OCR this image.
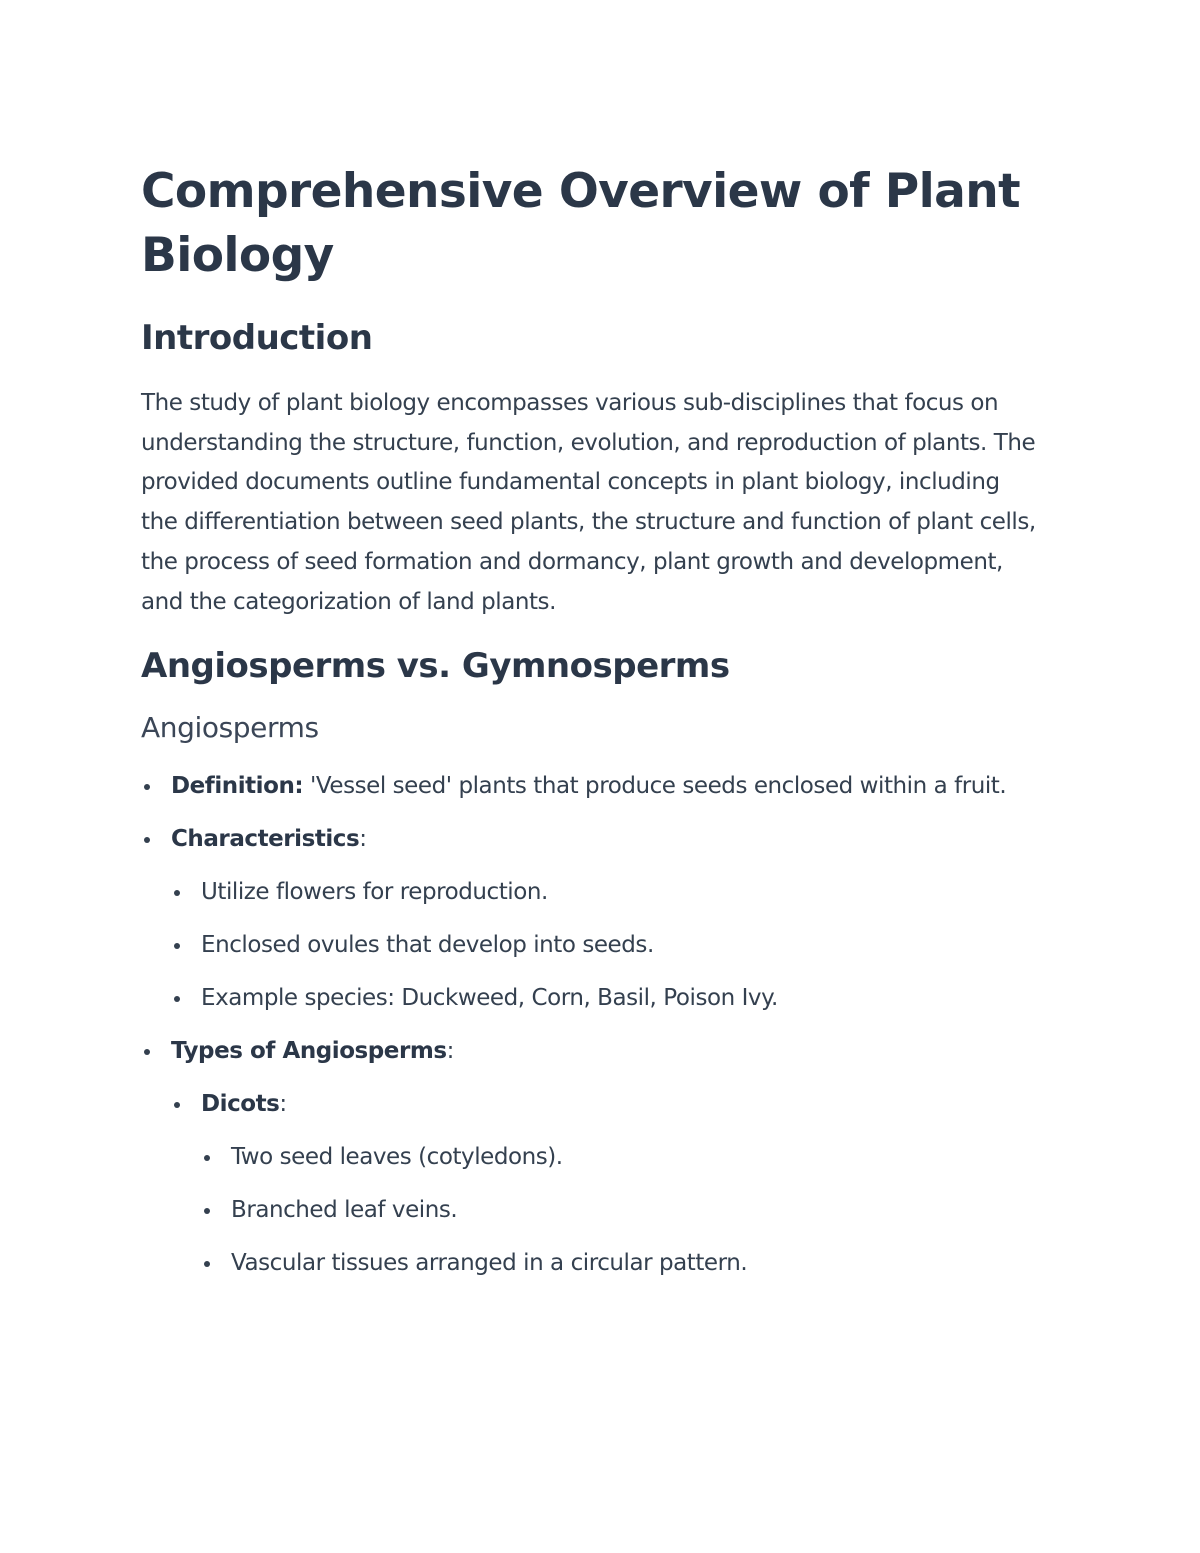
Comprehensive Overview of Plant Biology
Introduction

The study of plant biology encompasses various sub-disciplines that focus on understanding the structure, function, evolution, and reproduction of plants. The provided documents outline fundamental concepts in plant biology, including the differentiation between seed plants, the structure and function of plant cells, the process of seed formation and dormancy, plant growth and development, and the categorization of land plants.

Angiosperms vs. Gymnosperms
Angiosperms
Definition: 'Vessel seed' plants that produce seeds enclosed within a fruit.
Characteristics:
Utilize flowers for reproduction.
Enclosed ovules that develop into seeds.
Example species: Duckweed, Corn, Basil, Poison Ivy.
Types of Angiosperms:
Dicots:
Two seed leaves (cotyledons).
Branched leaf veins.
Vascular tissues arranged in a circular pattern.
